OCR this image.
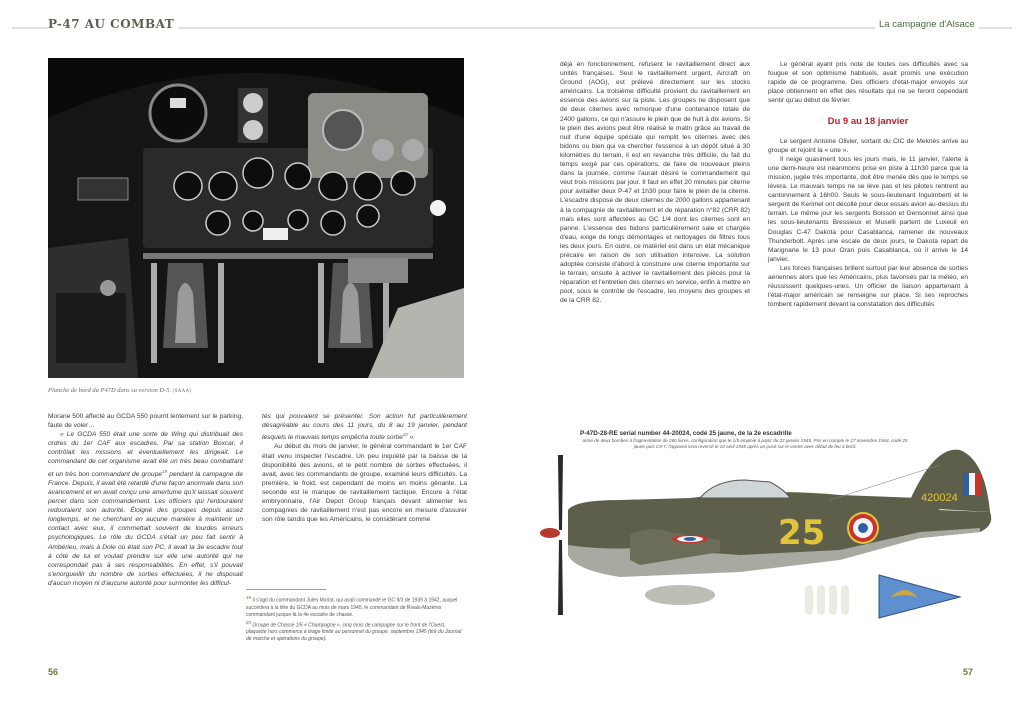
P-47 AU COMBAT	La campagne d'Alsace
Planche de bord du P47D dans sa version D-5. (SAAA)

Morane 500 affecté au GCDA 550 pourrit lentement sur le parking, faute de voler…

« Le GCDA 550 était une sorte de Wing qui distribuait des ordres du 1er CAF aux escadres. Par sa station Boxcar, il contrôlait les missions et éventuellement les dirigeait. Le commandant de cet organisme avait été un très beau combattant et un très bon commandant de groupe$^{19}$ pendant la campagne de France. Depuis, il avait été retardé d'une façon anormale dans son avancement et en avait conçu une amertume qu'il laissait souvent percer dans son commandement. Les officiers qui l'entouraient redoutaient son autorité. Éloigné des groupes depuis assez longtemps, et ne cherchant en aucune manière à maintenir un contact avec eux, il commettait souvent de lourdes erreurs psychologiques. Le rôle du GCDA s'était un peu fait sentir à Ambérieu, mais à Dole où était son PC, il avait la 3e escadre tout à côté de lui et voulait prendre sur elle une autorité qui ne correspondait pas à ses responsabilités. En effet, s'il pouvait s'enorgueillir du nombre de sorties effectuées, il ne disposait d'aucun moyen ni d'aucune autorité pour surmonter les difficul-

tés qui pouvaient se présenter. Son action fut particulièrement désagréable au cours des 11 jours, du 8 au 19 janvier, pendant lesquels le mauvais temps empêcha toute sortie$^{20}$ ».

Au début du mois de janvier, le général commandant le 1er CAF était venu inspecter l'escadre. Un peu inquiété par la baisse de la disponibilité des avions, et le petit nombre de sorties effectuées, il avait, avec les commandants de groupe, examiné leurs difficultés. La première, le froid, est cependant de moins en moins gênante. La seconde est le manque de ravitaillement tactique. Encore à l'état embryonnaire, l'Air Depot Group français devant alimenter les compagnies de ravitaillement n'est pas encore en mesure d'assurer son rôle tandis que les Américains, le considérant comme

19 Il s'agit du commandant Jules Morlat, qui avait commandé le GC II/3 de 1939 à 1942, auquel succédera à la tête du GCDA au mois de mars 1945, le commandant de Rivals-Mazères commandant jusque-là la 4e escadre de chasse.

20 Groupe de Chasse 1/5 « Champagne », cinq mois de campagne sur le front de l'Ouest, plaquette hors commerce à tirage limité au personnel du groupe, septembre 1945 (tiré du Journal de marche et opérations du groupe).

56

déjà en fonctionnement, refusent le ravitaillement direct aux unités françaises. Seul le ravitaillement urgent, Aircraft on Ground (AOG), est prélevé directement sur les stocks américains. La troisième difficulté provient du ravitaillement en essence des avions sur la piste. Les groupes ne disposent que de deux citernes avec remorque d'une contenance totale de 2400 gallons, ce qui n'assure le plein que de huit à dix avions. Si le plein des avions peut être réalisé le matin grâce au travail de nuit d'une équipe spéciale qui remplit les citernes avec des bidons ou bien qui va chercher l'essence à un dépôt situé à 30 kilomètres du terrain, il est en revanche très difficile, du fait du temps exigé par ces opérations, de faire de nouveaux pleins dans la journée, comme l'aurait désiré le commandement qui veut trois missions par jour. Il faut en effet 20 minutes par citerne pour avitailler deux P-47 et 1h30 pour faire le plein de la citerne. L'escadre dispose de deux citernes de 2000 gallons appartenant à la compagnie de ravitaillement et de réparation n°82 (CRR 82) mais elles sont affectées au GC 1/4 dont les citernes sont en panne. L'essence des bidons particulièrement sale et chargée d'eau, exige de longs démontages et nettoyages de filtres tous les deux jours. En outre, ce matériel est dans un état mécanique précaire en raison de son utilisation intensive. La solution adoptée consiste d'abord à construire une citerne importante sur le terrain, ensuite à activer le ravitaillement des pièces pour la réparation et l'entretien des citernes en service, enfin à mettre en pool, sous le contrôle de l'escadre, les moyens des groupes et de la CRR 82.

Le général ayant pris note de toutes ces difficultés avec sa fougue et son optimisme habituels, avait promis une exécution rapide de ce programme. Des officiers d'état-major envoyés sur place obtiennent en effet des résultats qui ne se feront cependant sentir qu'au début de février.

Du 9 au 18 janvier

Le sergent Antoine Olivier, sortant du CIC de Meknès arrive au groupe et rejoint la « une ».

Il neige quasiment tous les jours mais, le 11 janvier, l'alerte à une demi-heure est néanmoins prise en piste à 11h30 parce que la mission, jugée très importante, doit être menée dès que le temps se lèvera. Le mauvais temps ne se lève pas et les pilotes rentrent au cantonnement à 16h00. Seuls le sous-lieutenant Inguimberti et le sergent de Kerimel ont décollé pour deux essais avion au-dessus du terrain. Le même jour les sergents Boisson et Gensonnet ainsi que les sous-lieutenants Bressieux et Muselli partent de Luxeuil en Douglas C-47 Dakota pour Casablanca, ramener de nouveaux Thunderbolt. Après une escale de deux jours, le Dakota repart de Marignane le 13 pour Oran puis Casablanca, où il arrive le 14 janvier.

Les forces françaises brillent surtout par leur absence de sorties aériennes alors que les Américains, plus favorisés par la météo, en réussissent quelques-unes. Un officier de liaison appartenant à l'état-major américain se renseigne sur place. Si ses reproches tombent rapidement devant la constatation des difficultés

P-47D-28-RE serial number 44-20024, codé 25 jaune, de la 2e escadrille
armé de deux bombes à fragmentation de 260 livres, configuration que le 1/5 emploie à partir du 22 janvier 1945. Pris en compte le 27 novembre 1944, codé 25 jaune puis C9-Y, l'appareil sera reversé le 10 avril 1945 après un posé sur le ventre avec début de feu à bord.
420024
25
57
